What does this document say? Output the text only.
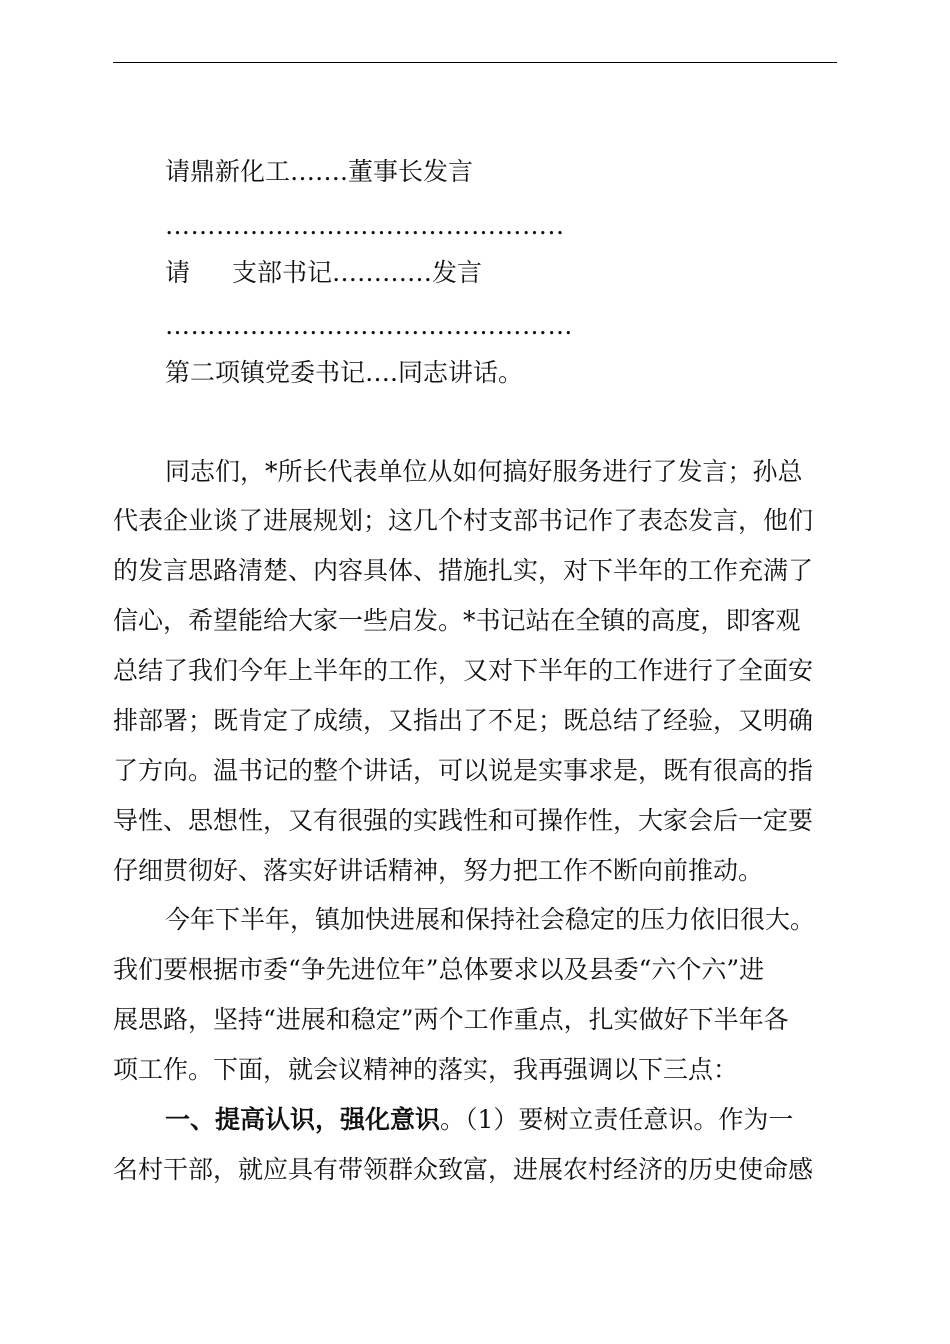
请鼎新化工…….董事长发言
………………………………………..
请 支部书记…………发言
…………………………………………
第二项镇党委书记….同志讲话。
同志们，*所长代表单位从如何搞好服务进行了发言；孙总
代表企业谈了进展规划；这几个村支部书记作了表态发言，他们
的发言思路清楚、内容具体、措施扎实，对下半年的工作充满了
信心，希望能给大家一些启发。*书记站在全镇的高度，即客观
总结了我们今年上半年的工作，又对下半年的工作进行了全面安
排部署；既肯定了成绩，又指出了不足；既总结了经验，又明确
了方向。温书记的整个讲话，可以说是实事求是，既有很高的指
导性、思想性，又有很强的实践性和可操作性，大家会后一定要
仔细贯彻好、落实好讲话精神，努力把工作不断向前推动。
今年下半年，镇加快进展和保持社会稳定的压力依旧很大。
我们要根据市委“争先进位年”总体要求以及县委“六个六”进
展思路，坚持“进展和稳定”两个工作重点，扎实做好下半年各
项工作。下面，就会议精神的落实，我再强调以下三点：
一、提高认识，强化意识。（1）要树立责任意识。作为一
名村干部，就应具有带领群众致富，进展农村经济的历史使命感
